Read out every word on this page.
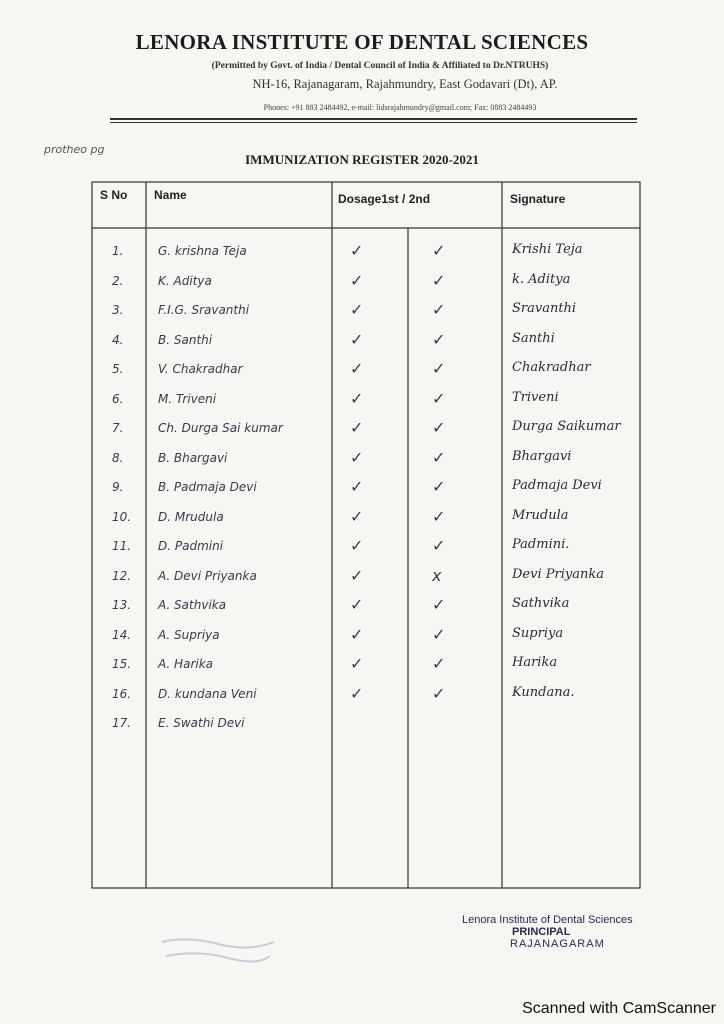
LENORA INSTITUTE OF DENTAL SCIENCES
(Permitted by Govt. of India / Dental Council of India & Affiliated to Dr.NTRUHS)
NH-16, Rajanagaram, Rajahmundry, East Godavari (Dt), AP.
Phones: +91 883 2484492, e-mail: lidsrajahmundry@gmail.com; Fax: 0883 2484493
protheo pg
IMMUNIZATION REGISTER 2020-2021
S No Name	Dosage1st / 2nd	Signature
1.	G. krishna Teja	✓	✓	Krishi Teja
2.	K. Aditya	✓	✓	k. Aditya
3.	F.I.G. Sravanthi	✓	✓	Sravanthi
4.	B. Santhi	✓	✓	Santhi
5.	V. Chakradhar	✓	✓	Chakradhar
6.	M. Triveni	✓	✓	Triveni
7.	Ch. Durga Sai kumar	✓	✓	Durga Saikumar
8.	B. Bhargavi	✓	✓	Bhargavi
9.	B. Padmaja Devi	✓	✓	Padmaja Devi
10.	D. Mrudula	✓	✓	Mrudula
11.	D. Padmini	✓	✓	Padmini.
12.	A. Devi Priyanka	✓	x	Devi Priyanka
13.	A. Sathvika	✓	✓	Sathvika
14.	A. Supriya	✓	✓	Supriya
15.	A. Harika	✓	✓	Harika
16.	D. kundana Veni	✓	✓	Kundana.
17.	E. Swathi Devi
Lenora Institute of Dental Sciences
PRINCIPAL
RAJANAGARAM
Scanned with CamScanner
